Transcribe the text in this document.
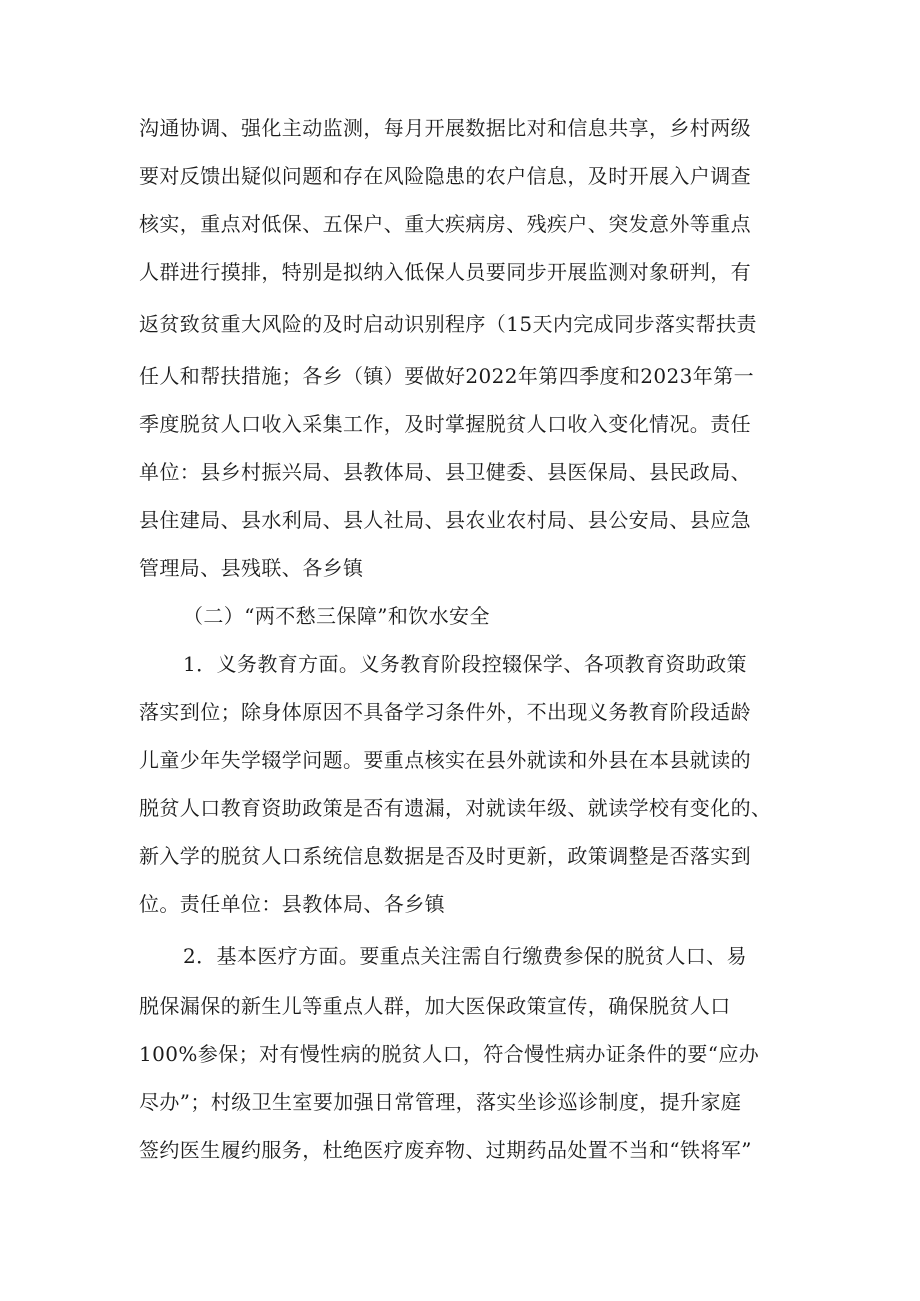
沟通协调、强化主动监测，每月开展数据比对和信息共享，乡村两级

要对反馈出疑似问题和存在风险隐患的农户信息，及时开展入户调查

核实，重点对低保、五保户、重大疾病房、残疾户、突发意外等重点

人群进行摸排，特别是拟纳入低保人员要同步开展监测对象研判，有

返贫致贫重大风险的及时启动识别程序（15天内完成同步落实帮扶责

任人和帮扶措施；各乡（镇）要做好2022年第四季度和2023年第一

季度脱贫人口收入采集工作，及时掌握脱贫人口收入变化情况。责任

单位：县乡村振兴局、县教体局、县卫健委、县医保局、县民政局、

县住建局、县水利局、县人社局、县农业农村局、县公安局、县应急

管理局、县残联、各乡镇

（二）“两不愁三保障”和饮水安全

1．义务教育方面。义务教育阶段控辍保学、各项教育资助政策

落实到位；除身体原因不具备学习条件外，不出现义务教育阶段适龄

儿童少年失学辍学问题。要重点核实在县外就读和外县在本县就读的

脱贫人口教育资助政策是否有遗漏，对就读年级、就读学校有变化的、

新入学的脱贫人口系统信息数据是否及时更新，政策调整是否落实到

位。责任单位：县教体局、各乡镇

2．基本医疗方面。要重点关注需自行缴费参保的脱贫人口、易

脱保漏保的新生儿等重点人群，加大医保政策宣传，确保脱贫人口

100%参保；对有慢性病的脱贫人口，符合慢性病办证条件的要“应办

尽办”；村级卫生室要加强日常管理，落实坐诊巡诊制度，提升家庭

签约医生履约服务，杜绝医疗废弃物、过期药品处置不当和“铁将军”
